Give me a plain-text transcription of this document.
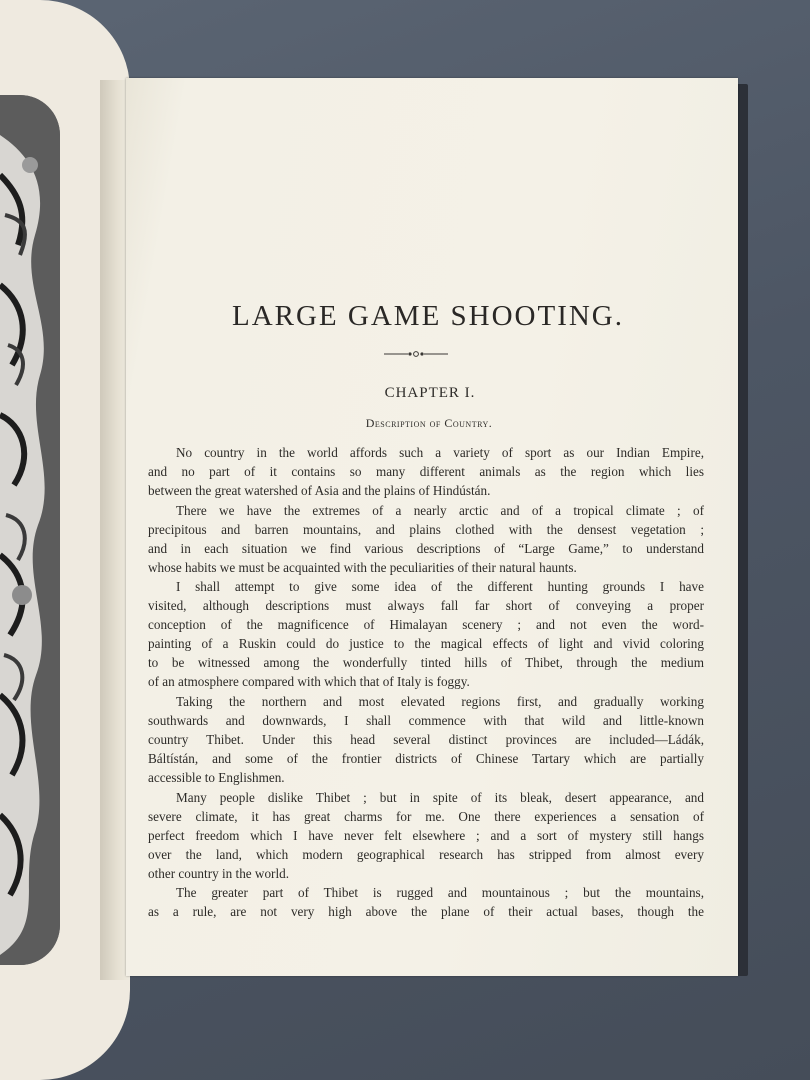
LARGE GAME SHOOTING.
CHAPTER I.
Description of Country.
No country in the world affords such a variety of sport as our Indian Empire,
and no part of it contains so many different animals as the region which lies
between the great watershed of Asia and the plains of Hindústán.
There we have the extremes of a nearly arctic and of a tropical climate ; of
precipitous and barren mountains, and plains clothed with the densest vegetation ;
and in each situation we find various descriptions of “Large Game,” to understand
whose habits we must be acquainted with the peculiarities of their natural haunts.
I shall attempt to give some idea of the different hunting grounds I have
visited, although descriptions must always fall far short of conveying a proper
conception of the magnificence of Himalayan scenery ; and not even the word-
painting of a Ruskin could do justice to the magical effects of light and vivid coloring
to be witnessed among the wonderfully tinted hills of Thibet, through the medium
of an atmosphere compared with which that of Italy is foggy.
Taking the northern and most elevated regions first, and gradually working
southwards and downwards, I shall commence with that wild and little-known
country Thibet. Under this head several distinct provinces are included—Ládák,
Báltístán, and some of the frontier districts of Chinese Tartary which are partially
accessible to Englishmen.
Many people dislike Thibet ; but in spite of its bleak, desert appearance, and
severe climate, it has great charms for me. One there experiences a sensation of
perfect freedom which I have never felt elsewhere ; and a sort of mystery still hangs
over the land, which modern geographical research has stripped from almost every
other country in the world.
The greater part of Thibet is rugged and mountainous ; but the mountains,
as a rule, are not very high above the plane of their actual bases, though the
